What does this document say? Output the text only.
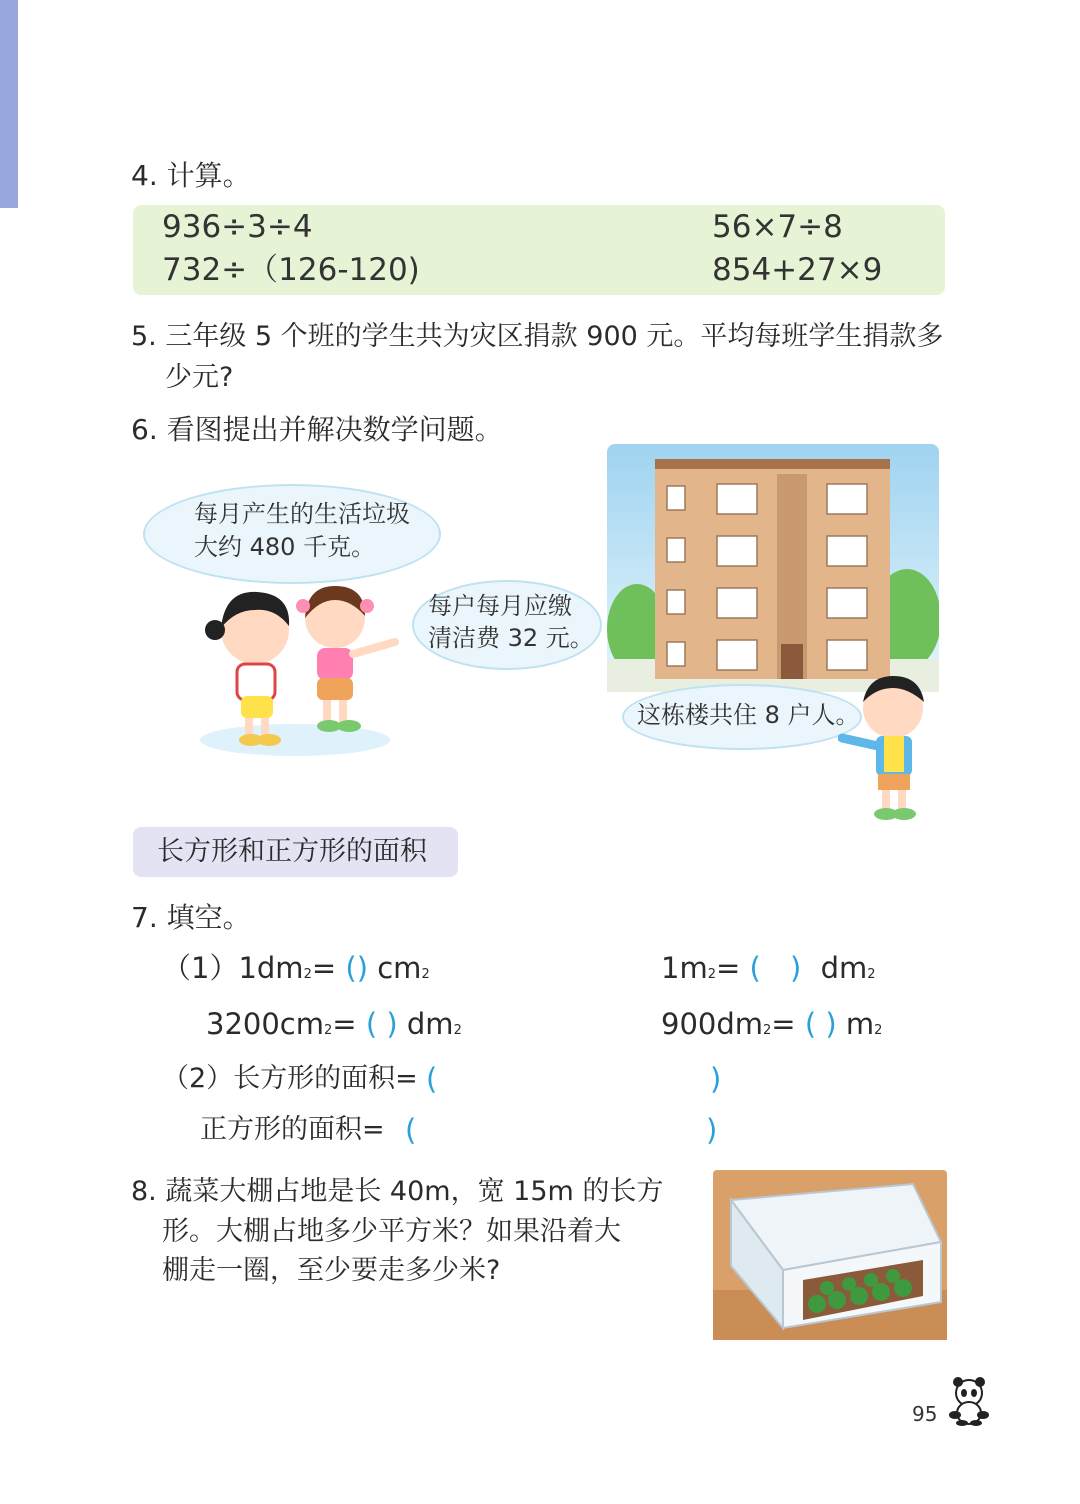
4. 计算。
936÷3÷4	56×7÷8
732÷（126-120)	854+27×9
5. 三年级 5 个班的学生共为灾区捐款 900 元。平均每班学生捐款多
少元?
6. 看图提出并解决数学问题。
每月产生的生活垃圾
大约 480 千克。
每户每月应缴
清洁费 32 元。
这栋楼共住 8 户人。
长方形和正方形的面积
7. 填空。
（1）1dm2= () cm2	1m2= ( ) dm2
3200cm2= ( ) dm2	900dm2= ( ) m2
（2）长方形的面积= (	)
正方形的面积= (	)
8. 蔬菜大棚占地是长 40m，宽 15m 的长方
形。大棚占地多少平方米？如果沿着大
棚走一圈，至少要走多少米?
95
